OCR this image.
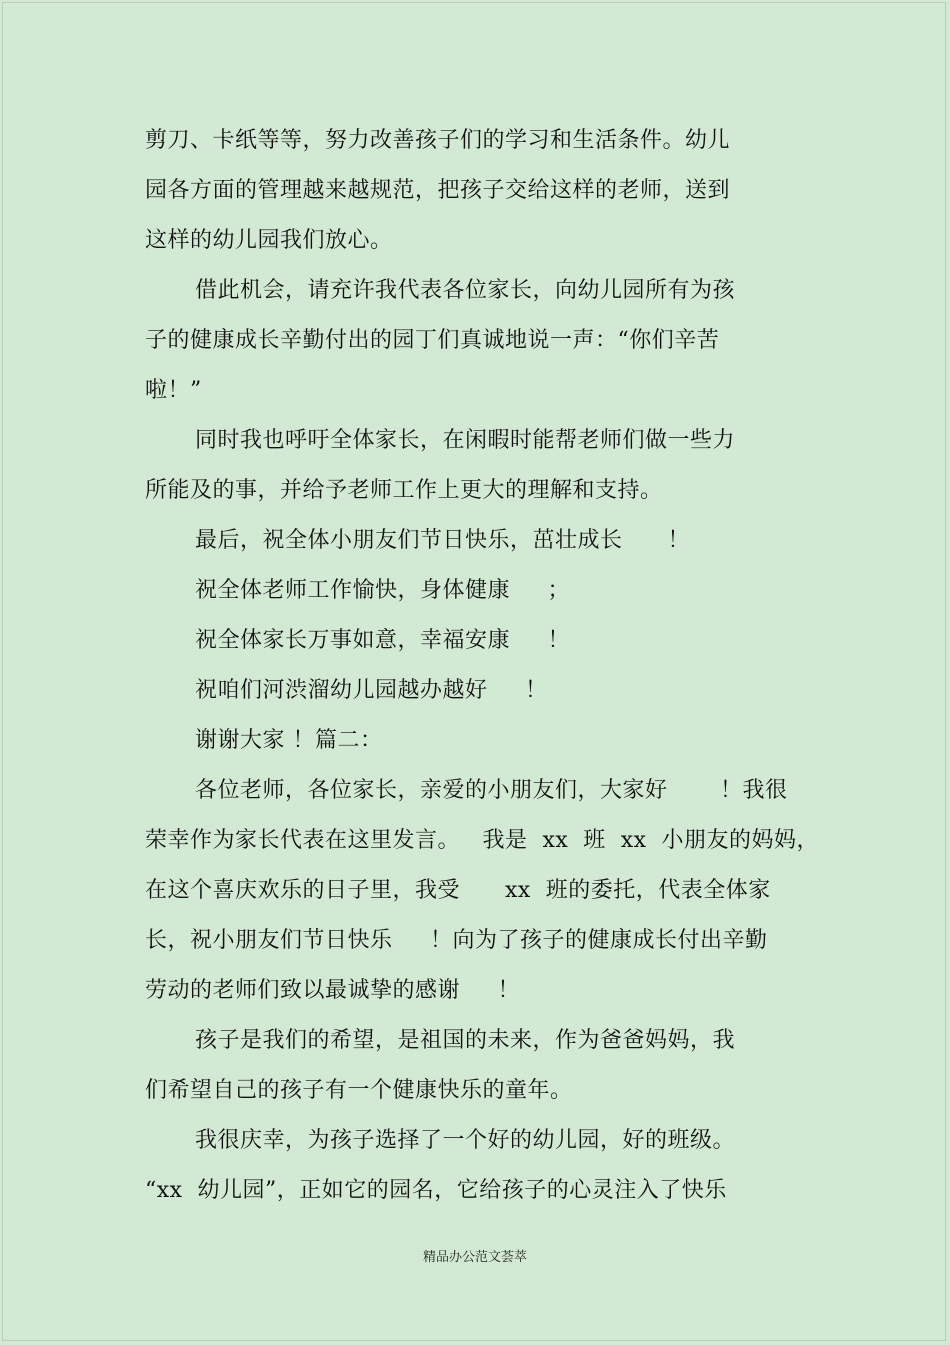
剪刀、卡纸等等，努力改善孩子们的学习和生活条件。幼儿
园各方面的管理越来越规范，把孩子交给这样的老师，送到
这样的幼儿园我们放心。
借此机会，请充许我代表各位家长，向幼儿园所有为孩
子的健康成长辛勤付出的园丁们真诚地说一声：“你们辛苦
啦！”
同时我也呼吁全体家长，在闲暇时能帮老师们做一些力
所能及的事，并给予老师工作上更大的理解和支持。
最后，祝全体小朋友们节日快乐，茁壮成长      ！
祝全体老师工作愉快，身体健康     ；
祝全体家长万事如意，幸福安康     ！
祝咱们河渋溜幼儿园越办越好     ！
谢谢大家 ！篇二：
各位老师，各位家长，亲爱的小朋友们，大家好       ！我很
荣幸作为家长代表在这里发言。   我是  xx  班  xx  小朋友的妈妈，
在这个喜庆欢乐的日子里，我受      xx  班的委托，代表全体家
长，祝小朋友们节日快乐     ！向为了孩子的健康成长付出辛勤
劳动的老师们致以最诚挚的感谢     ！
孩子是我们的希望，是祖国的未来，作为爸爸妈妈，我
们希望自己的孩子有一个健康快乐的童年。
我很庆幸，为孩子选择了一个好的幼儿园，好的班级。
“xx  幼儿园”，正如它的园名，它给孩子的心灵注入了快乐
精品办公范文荟萃
